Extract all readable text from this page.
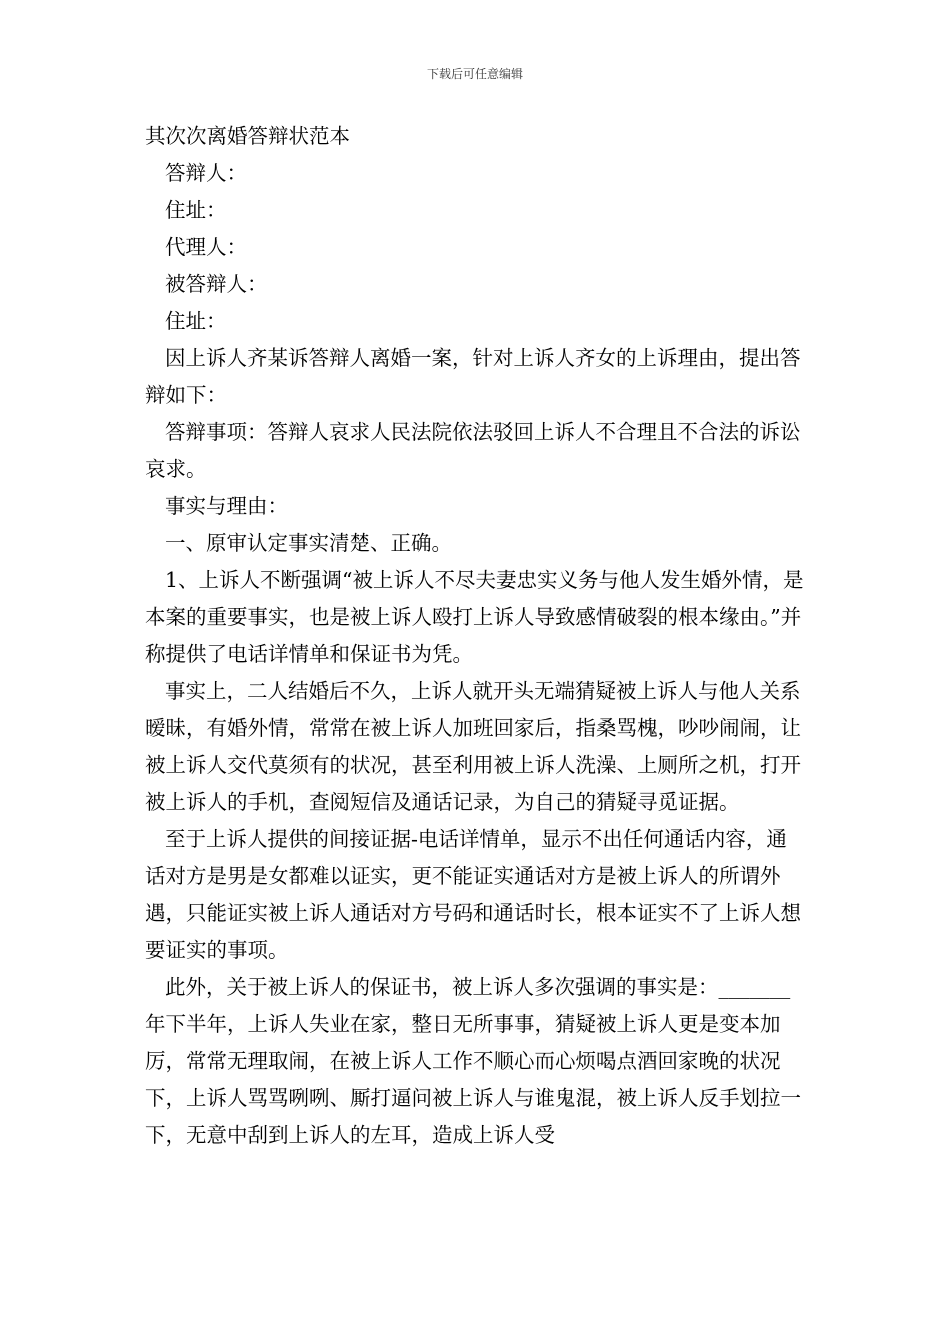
下载后可任意编辑

其次次离婚答辩状范本

答辩人：

住址：

代理人：

被答辩人：

住址：

因上诉人齐某诉答辩人离婚一案，针对上诉人齐女的上诉理由，提出答辩如下：

答辩事项：答辩人哀求人民法院依法驳回上诉人不合理且不合法的诉讼哀求。

事实与理由：

一、原审认定事实清楚、正确。

1、上诉人不断强调“被上诉人不尽夫妻忠实义务与他人发生婚外情，是本案的重要事实，也是被上诉人殴打上诉人导致感情破裂的根本缘由。”并称提供了电话详情单和保证书为凭。

事实上，二人结婚后不久，上诉人就开头无端猜疑被上诉人与他人关系暧昧，有婚外情，常常在被上诉人加班回家后，指桑骂槐，吵吵闹闹，让被上诉人交代莫须有的状况，甚至利用被上诉人洗澡、上厕所之机，打开被上诉人的手机，查阅短信及通话记录，为自己的猜疑寻觅证据。

至于上诉人提供的间接证据-电话详情单，显示不出任何通话内容，通话对方是男是女都难以证实，更不能证实通话对方是被上诉人的所谓外遇，只能证实被上诉人通话对方号码和通话时长，根本证实不了上诉人想要证实的事项。

此外，关于被上诉人的保证书，被上诉人多次强调的事实是：_______年下半年，上诉人失业在家，整日无所事事，猜疑被上诉人更是变本加厉，常常无理取闹，在被上诉人工作不顺心而心烦喝点酒回家晚的状况下，上诉人骂骂咧咧、厮打逼问被上诉人与谁鬼混，被上诉人反手划拉一下，无意中刮到上诉人的左耳，造成上诉人受
